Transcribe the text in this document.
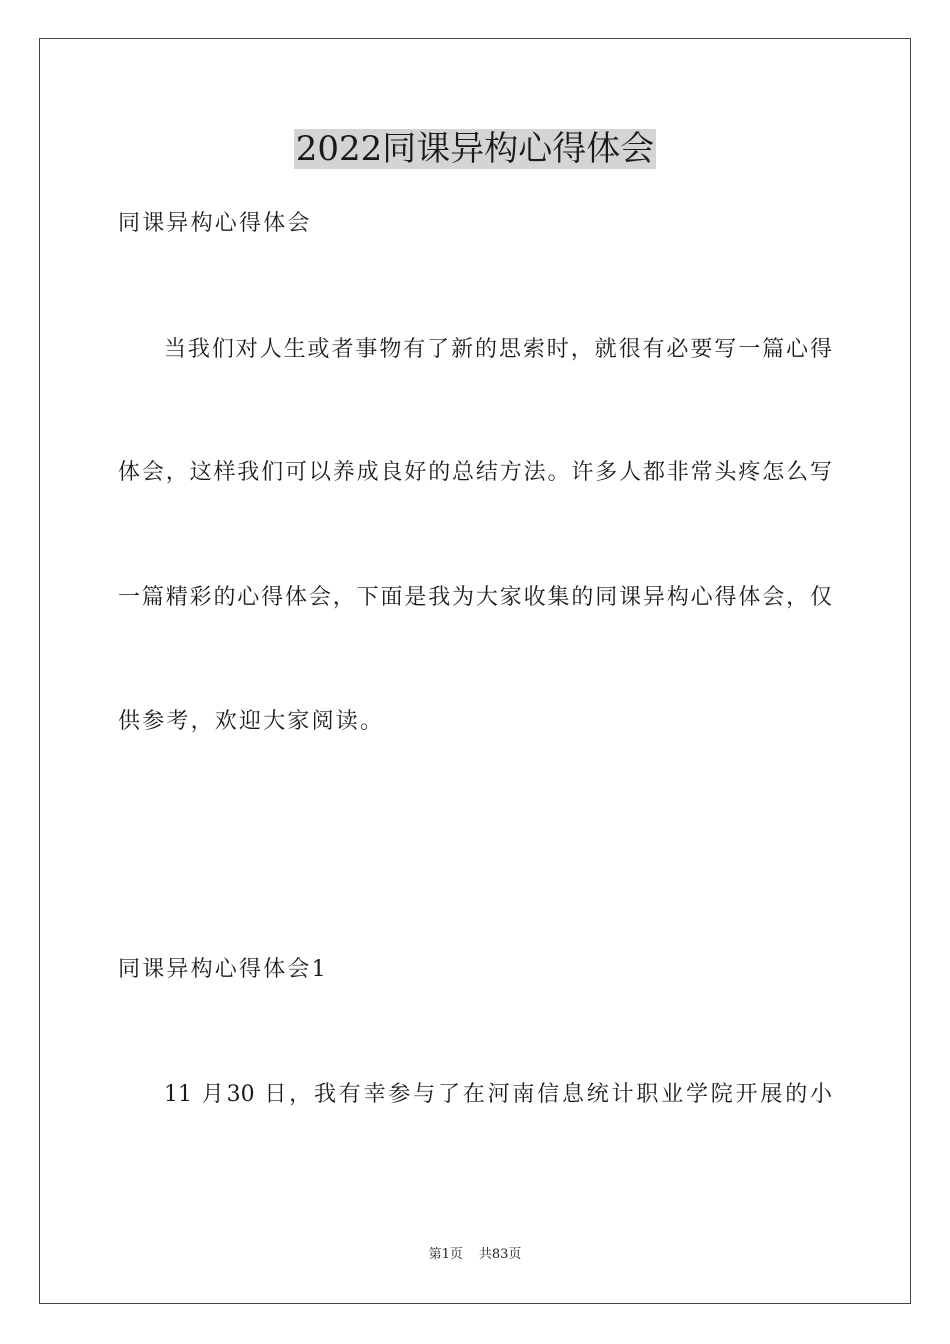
2022同课异构心得体会
同课异构心得体会
当我们对人生或者事物有了新的思索时，就很有必要写一篇心得
体会，这样我们可以养成良好的总结方法。许多人都非常头疼怎么写
一篇精彩的心得体会，下面是我为大家收集的同课异构心得体会，仅
供参考，欢迎大家阅读。
同课异构心得体会1
11 月30 日，我有幸参与了在河南信息统计职业学院开展的小
第1页 共83页
